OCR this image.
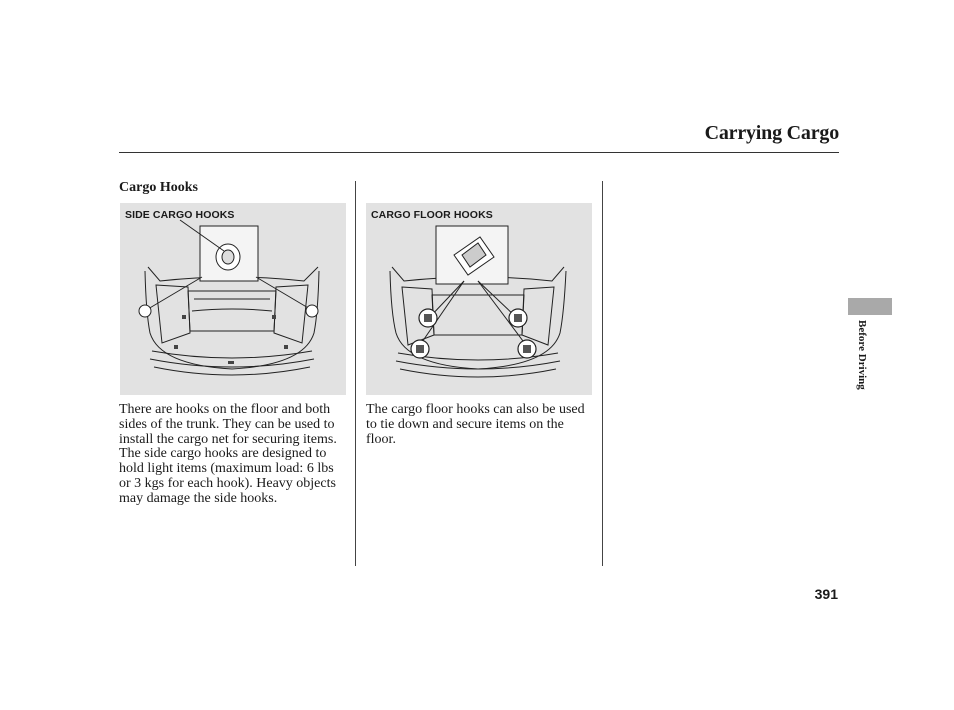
Carrying Cargo
Cargo Hooks
SIDE CARGO HOOKS	CARGO FLOOR HOOKS
There are hooks on the floor and both sides of the trunk. They can be used to install the cargo net for securing items. The side cargo hooks are designed to hold light items (maximum load: 6 lbs or 3 kgs for each hook). Heavy objects may damage the side hooks.
The cargo floor hooks can also be used to tie down and secure items on the floor.
Before Driving
391
